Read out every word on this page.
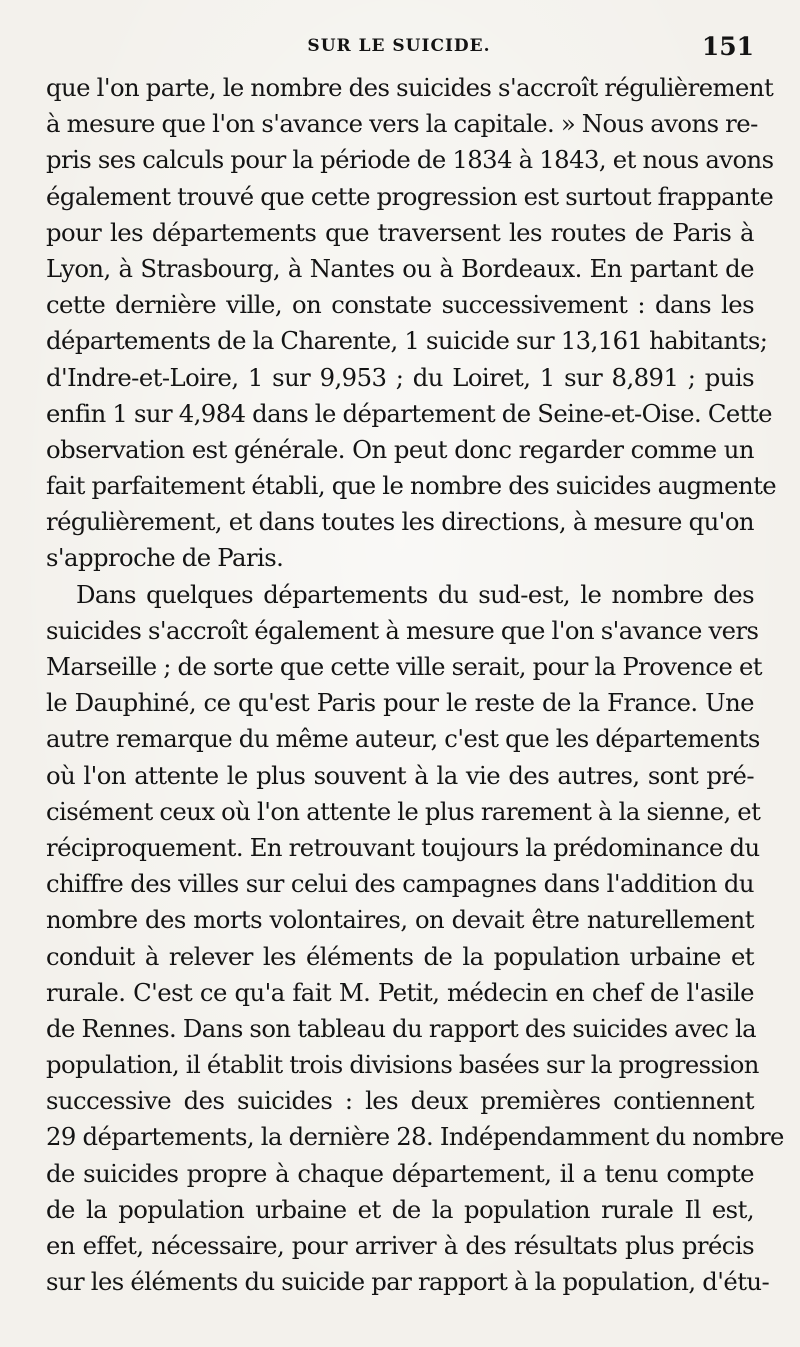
SUR LE SUICIDE.	151
que l'on parte, le nombre des suicides s'accroît régulièrement
à mesure que l'on s'avance vers la capitale. » Nous avons re-
pris ses calculs pour la période de 1834 à 1843, et nous avons
également trouvé que cette progression est surtout frappante
pour les départements que traversent les routes de Paris à
Lyon, à Strasbourg, à Nantes ou à Bordeaux. En partant de
cette dernière ville, on constate successivement : dans les
départements de la Charente, 1 suicide sur 13,161 habitants;
d'Indre-et-Loire, 1 sur 9,953 ; du Loiret, 1 sur 8,891 ; puis
enfin 1 sur 4,984 dans le département de Seine-et-Oise. Cette
observation est générale. On peut donc regarder comme un
fait parfaitement établi, que le nombre des suicides augmente
régulièrement, et dans toutes les directions, à mesure qu'on
s'approche de Paris.
Dans quelques départements du sud-est, le nombre des
suicides s'accroît également à mesure que l'on s'avance vers
Marseille ; de sorte que cette ville serait, pour la Provence et
le Dauphiné, ce qu'est Paris pour le reste de la France. Une
autre remarque du même auteur, c'est que les départements
où l'on attente le plus souvent à la vie des autres, sont pré-
cisément ceux où l'on attente le plus rarement à la sienne, et
réciproquement. En retrouvant toujours la prédominance du
chiffre des villes sur celui des campagnes dans l'addition du
nombre des morts volontaires, on devait être naturellement
conduit à relever les éléments de la population urbaine et
rurale. C'est ce qu'a fait M. Petit, médecin en chef de l'asile
de Rennes. Dans son tableau du rapport des suicides avec la
population, il établit trois divisions basées sur la progression
successive des suicides : les deux premières contiennent
29 départements, la dernière 28. Indépendamment du nombre
de suicides propre à chaque département, il a tenu compte
de la population urbaine et de la population rurale Il est,
en effet, nécessaire, pour arriver à des résultats plus précis
sur les éléments du suicide par rapport à la population, d'étu-
